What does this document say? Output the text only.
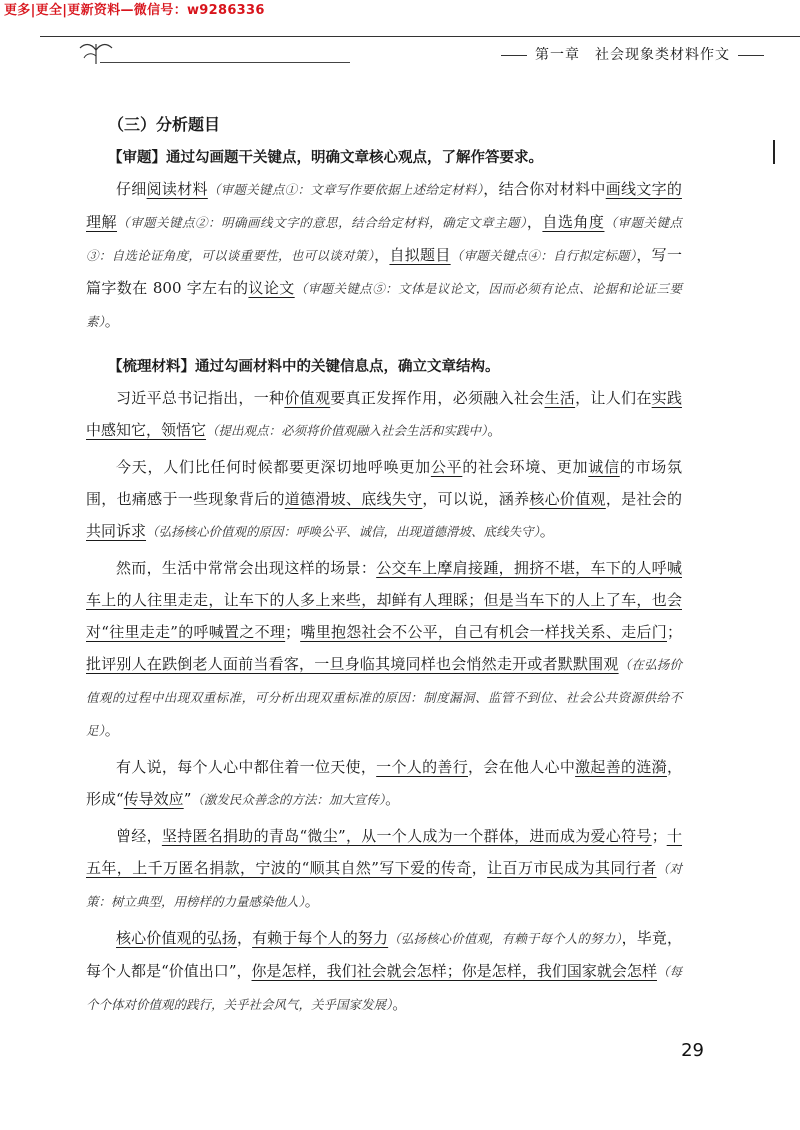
更多|更全|更新资料—微信号：w9286336
第一章　社会现象类材料作文
（三）分析题目
【审题】通过勾画题干关键点，明确文章核心观点，了解作答要求。

仔细阅读材料（审题关键点①：文章写作要依据上述给定材料），结合你对材料中画线文字的理解（审题关键点②：明确画线文字的意思，结合给定材料，确定文章主题），自选角度（审题关键点③：自选论证角度，可以谈重要性，也可以谈对策），自拟题目（审题关键点④：自行拟定标题），写一篇字数在 800 字左右的议论文（审题关键点⑤：文体是议论文，因而必须有论点、论据和论证三要素）。

【梳理材料】通过勾画材料中的关键信息点，确立文章结构。

习近平总书记指出，一种价值观要真正发挥作用，必须融入社会生活，让人们在实践中感知它，领悟它（提出观点：必须将价值观融入社会生活和实践中）。

今天，人们比任何时候都要更深切地呼唤更加公平的社会环境、更加诚信的市场氛围，也痛感于一些现象背后的道德滑坡、底线失守，可以说，涵养核心价值观，是社会的共同诉求（弘扬核心价值观的原因：呼唤公平、诚信，出现道德滑坡、底线失守）。

然而，生活中常常会出现这样的场景：公交车上摩肩接踵，拥挤不堪，车下的人呼喊车上的人往里走走，让车下的人多上来些，却鲜有人理睬；但是当车下的人上了车，也会对“往里走走”的呼喊置之不理；嘴里抱怨社会不公平，自己有机会一样找关系、走后门；批评别人在跌倒老人面前当看客，一旦身临其境同样也会悄然走开或者默默围观（在弘扬价值观的过程中出现双重标准，可分析出现双重标准的原因：制度漏洞、监管不到位、社会公共资源供给不足）。

有人说，每个人心中都住着一位天使，一个人的善行，会在他人心中激起善的涟漪，形成“传导效应”（激发民众善念的方法：加大宣传）。

曾经，坚持匿名捐助的青岛“微尘”，从一个人成为一个群体，进而成为爱心符号；十五年，上千万匿名捐款，宁波的“顺其自然”写下爱的传奇，让百万市民成为其同行者（对策：树立典型，用榜样的力量感染他人）。

核心价值观的弘扬，有赖于每个人的努力（弘扬核心价值观，有赖于每个人的努力），毕竟，每个人都是“价值出口”，你是怎样，我们社会就会怎样；你是怎样，我们国家就会怎样（每个个体对价值观的践行，关乎社会风气，关乎国家发展）。

29
